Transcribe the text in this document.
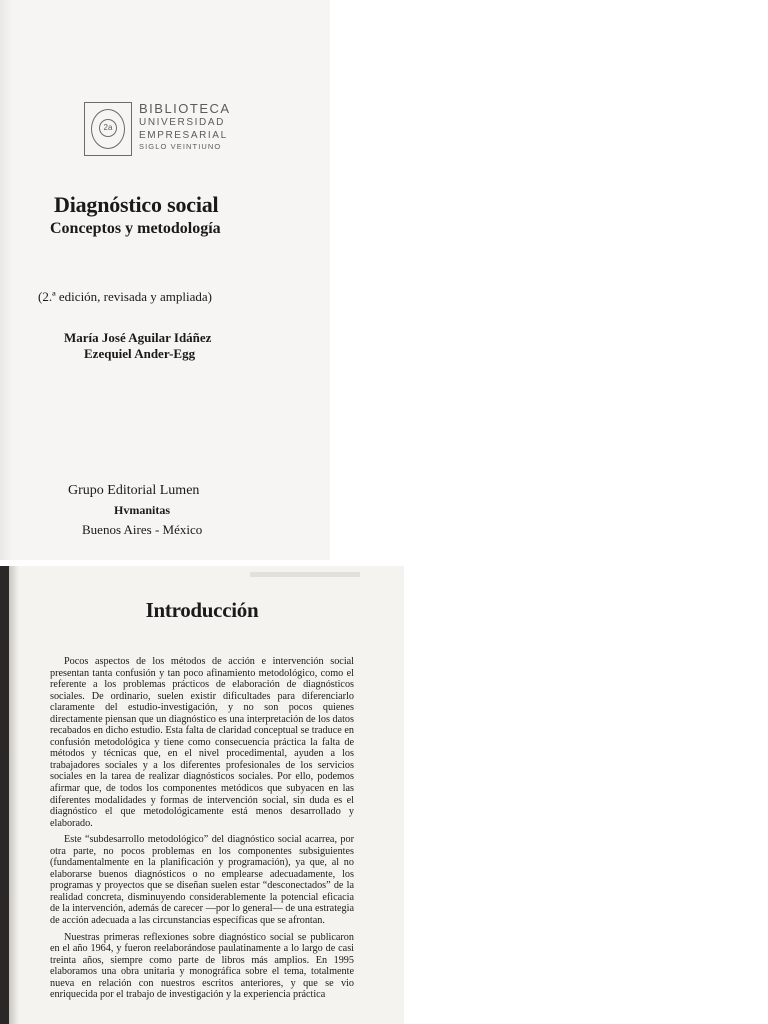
2a
BIBLIOTECA
UNIVERSIDAD
EMPRESARIAL
SIGLO VEINTIUNO
Diagnóstico social
Conceptos y metodología
(2.ª edición, revisada y ampliada)
María José Aguilar Idáñez
Ezequiel Ander-Egg
Grupo Editorial Lumen
Hvmanitas
Buenos Aires - México
Introducción

Pocos aspectos de los métodos de acción e intervención social presentan tanta confusión y tan poco afinamiento metodológico, como el referente a los problemas prácticos de elaboración de diagnósticos sociales. De ordinario, suelen existir dificultades para diferenciarlo claramente del estudio-investigación, y no son pocos quienes directamente piensan que un diagnóstico es una interpretación de los datos recabados en dicho estudio. Esta falta de claridad conceptual se traduce en confusión metodológica y tiene como consecuencia práctica la falta de métodos y técnicas que, en el nivel procedimental, ayuden a los trabajadores sociales y a los diferentes profesionales de los servicios sociales en la tarea de realizar diagnósticos sociales. Por ello, podemos afirmar que, de todos los componentes metódicos que subyacen en las diferentes modalidades y formas de intervención social, sin duda es el diagnóstico el que metodológicamente está menos desarrollado y elaborado.

Este “subdesarrollo metodológico” del diagnóstico social acarrea, por otra parte, no pocos problemas en los componentes subsiguientes (fundamentalmente en la planificación y programación), ya que, al no elaborarse buenos diagnósticos o no emplearse adecuadamente, los programas y proyectos que se diseñan suelen estar “desconectados” de la realidad concreta, disminuyendo considerablemente la potencial eficacia de la intervención, además de carecer —por lo general— de una estrategia de acción adecuada a las circunstancias específicas que se afrontan.

Nuestras primeras reflexiones sobre diagnóstico social se publicaron en el año 1964, y fueron reelaborándose paulatinamente a lo largo de casi treinta años, siempre como parte de libros más amplios. En 1995 elaboramos una obra unitaria y monográfica sobre el tema, totalmente nueva en relación con nuestros escritos anteriores, y que se vio enriquecida por el trabajo de investigación y la experiencia práctica
